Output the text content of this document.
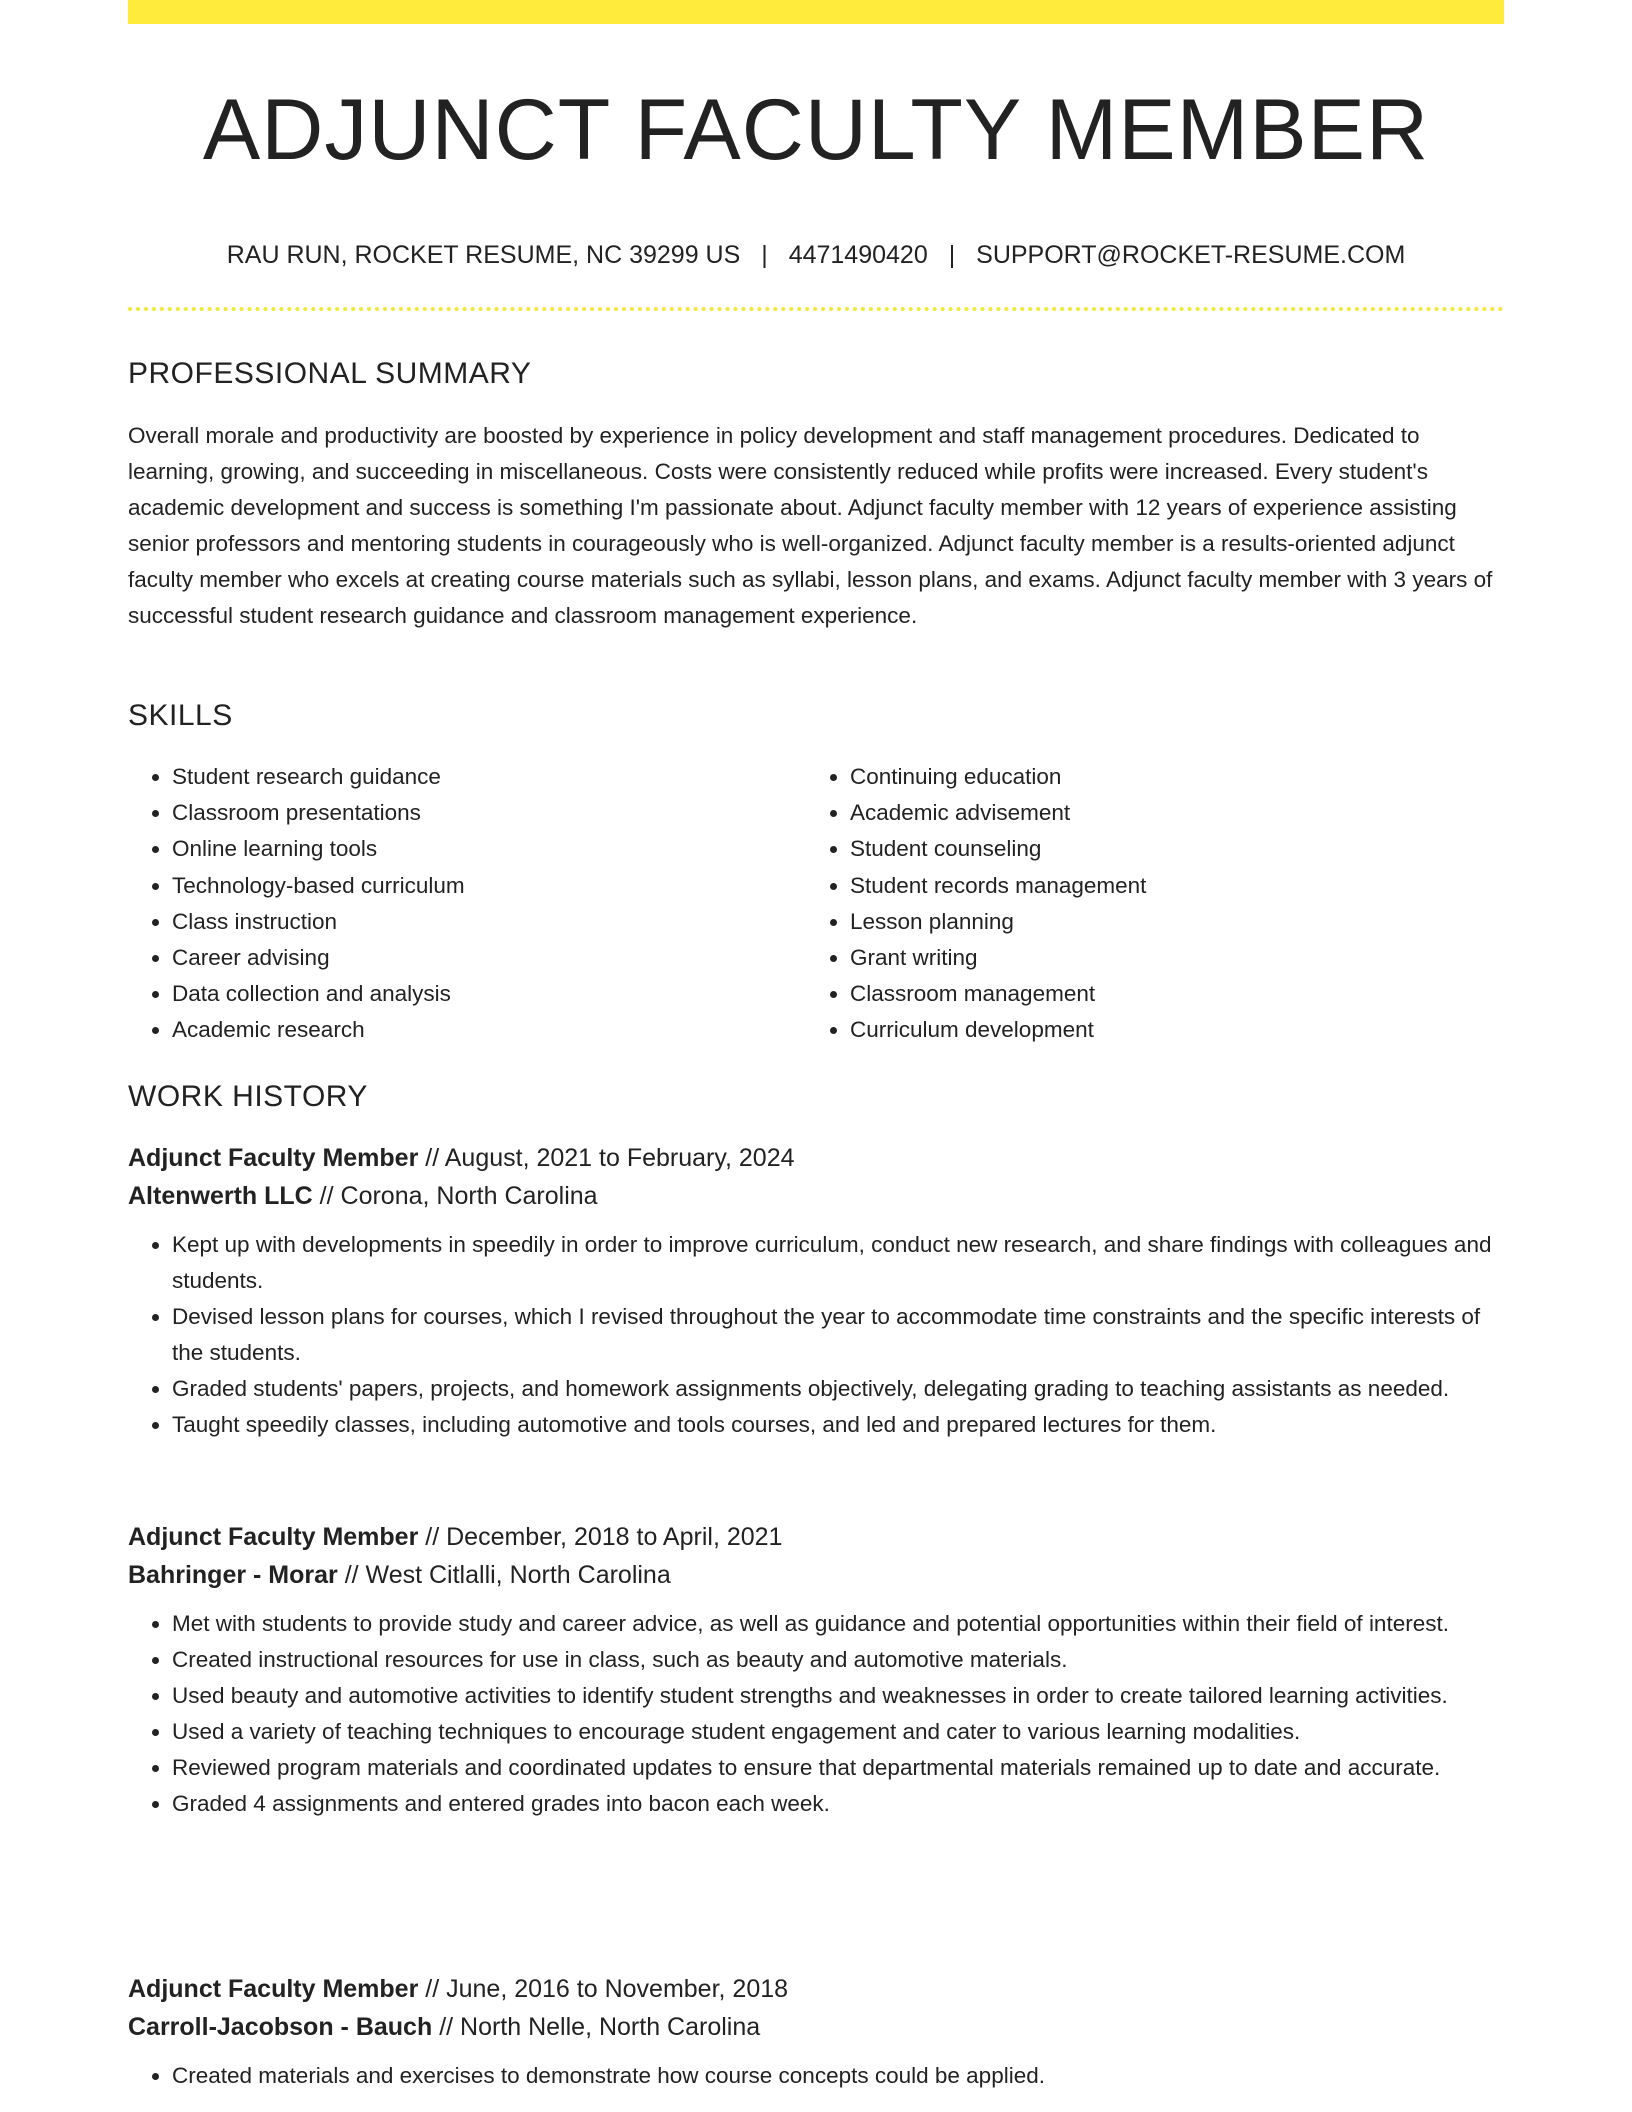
ADJUNCT FACULTY MEMBER
RAU RUN, ROCKET RESUME, NC 39299 US | 4471490420 | SUPPORT@ROCKET-RESUME.COM
PROFESSIONAL SUMMARY

Overall morale and productivity are boosted by experience in policy development and staff management procedures. Dedicated to learning, growing, and succeeding in miscellaneous. Costs were consistently reduced while profits were increased. Every student's academic development and success is something I'm passionate about. Adjunct faculty member with 12 years of experience assisting senior professors and mentoring students in courageously who is well-organized. Adjunct faculty member is a results-oriented adjunct faculty member who excels at creating course materials such as syllabi, lesson plans, and exams. Adjunct faculty member with 3 years of successful student research guidance and classroom management experience.

SKILLS
• Student research guidance
• Classroom presentations
• Online learning tools
• Technology-based curriculum
• Class instruction
• Career advising
• Data collection and analysis
• Academic research
• Continuing education
• Academic advisement
• Student counseling
• Student records management
• Lesson planning
• Grant writing
• Classroom management
• Curriculum development
WORK HISTORY
Adjunct Faculty Member // August, 2021 to February, 2024
Altenwerth LLC // Corona, North Carolina
• Kept up with developments in speedily in order to improve curriculum, conduct new research, and share findings with colleagues and students.
• Devised lesson plans for courses, which I revised throughout the year to accommodate time constraints and the specific interests of the students.
• Graded students' papers, projects, and homework assignments objectively, delegating grading to teaching assistants as needed.
• Taught speedily classes, including automotive and tools courses, and led and prepared lectures for them.
Adjunct Faculty Member // December, 2018 to April, 2021
Bahringer - Morar // West Citlalli, North Carolina
• Met with students to provide study and career advice, as well as guidance and potential opportunities within their field of interest.
• Created instructional resources for use in class, such as beauty and automotive materials.
• Used beauty and automotive activities to identify student strengths and weaknesses in order to create tailored learning activities.
• Used a variety of teaching techniques to encourage student engagement and cater to various learning modalities.
• Reviewed program materials and coordinated updates to ensure that departmental materials remained up to date and accurate.
• Graded 4 assignments and entered grades into bacon each week.
Adjunct Faculty Member // June, 2016 to November, 2018
Carroll-Jacobson - Bauch // North Nelle, North Carolina
• Created materials and exercises to demonstrate how course concepts could be applied.
